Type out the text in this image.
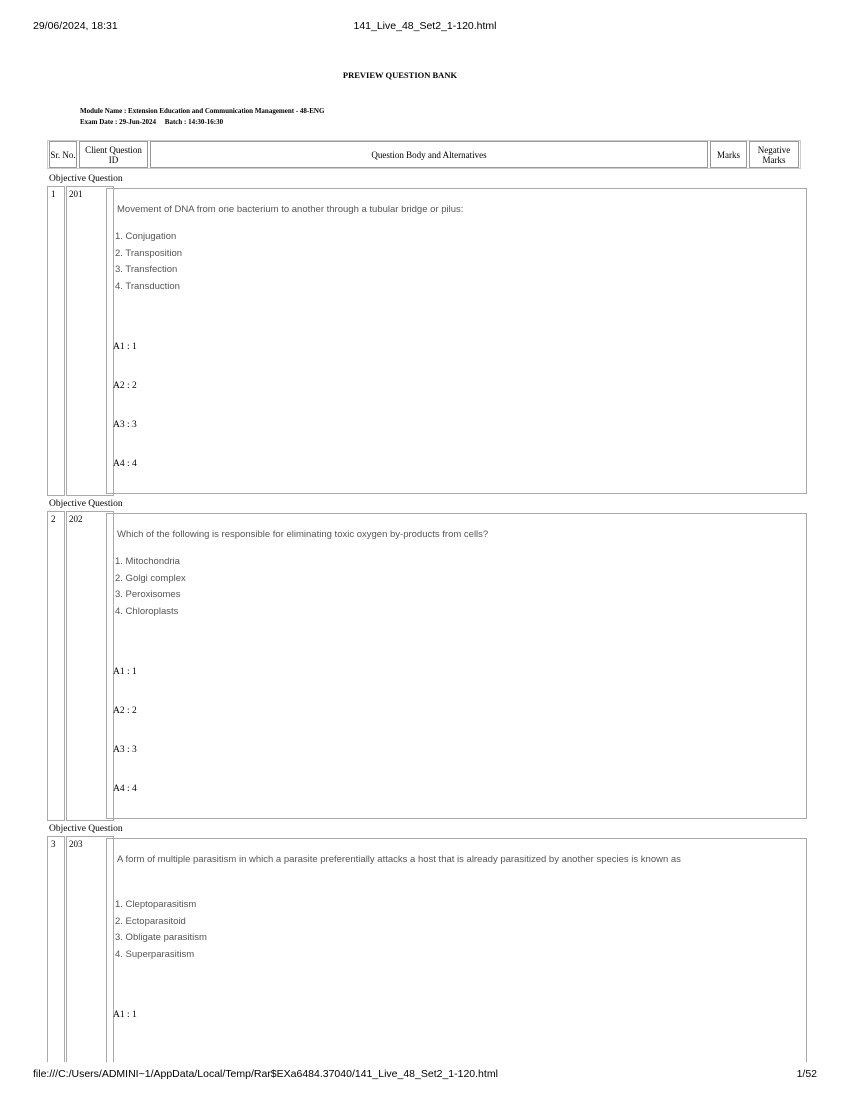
29/06/2024, 18:31	141_Live_48_Set2_1-120.html
PREVIEW QUESTION BANK
Module Name : Extension Education and Communication Management - 48-ENG
Exam Date : 29-Jun-2024     Batch : 14:30-16:30
Sr. No.	Client Question ID	Question Body and Alternatives	Marks	Negative Marks
Objective Question
1 201
Movement of DNA from one bacterium to another through a tubular bridge or pilus:
1. Conjugation
2. Transposition
3. Transfection
4. Transduction
A1 : 1
A2 : 2
A3 : 3
A4 : 4
Objective Question
2 202
Which of the following is responsible for eliminating toxic oxygen by-products from cells?
1. Mitochondria
2. Golgi complex
3. Peroxisomes
4. Chloroplasts
A1 : 1
A2 : 2
A3 : 3
A4 : 4
Objective Question
3 203
A form of multiple parasitism in which a parasite preferentially attacks a host that is already parasitized by another species is known as
1. Cleptoparasitism
2. Ectoparasitoid
3. Obligate parasitism
4. Superparasitism
A1 : 1
file:///C:/Users/ADMINI~1/AppData/Local/Temp/Rar$EXa6484.37040/141_Live_48_Set2_1-120.html	1/52
